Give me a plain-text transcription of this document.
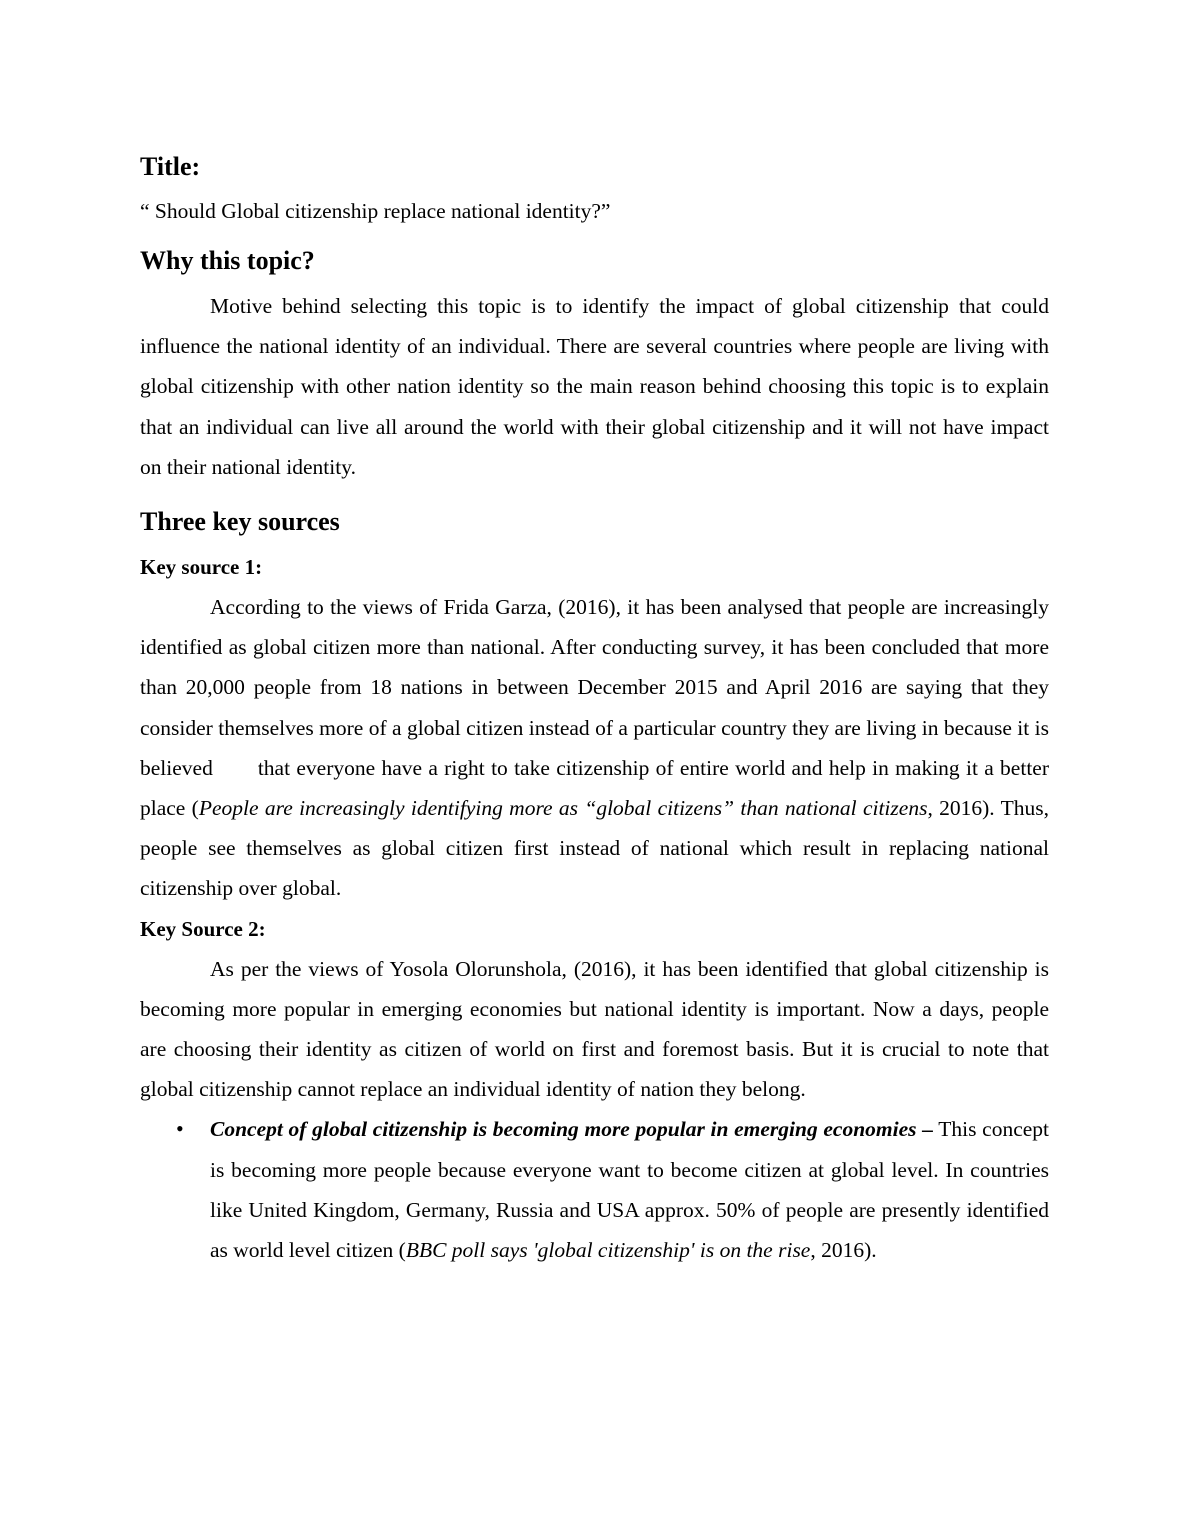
Title:
“ Should Global citizenship replace national identity?”
Why this topic?

Motive behind selecting this topic is to identify the impact of global citizenship that could influence the national identity of an individual. There are several countries where people are living with global citizenship with other nation identity so the main reason behind choosing this topic is to explain that an individual can live all around the world with their global citizenship and it will not have impact on their national identity.

Three key sources
Key source 1:

According to the views of Frida Garza, (2016), it has been analysed that people are increasingly identified as global citizen more than national. After conducting survey, it has been concluded that more than 20,000 people from 18 nations in between December 2015 and April 2016 are saying that they consider themselves more of a global citizen instead of a particular country they are living in because it is believed that everyone have a right to take citizenship of entire world and help in making it a better place (People are increasingly identifying more as “global citizens” than national citizens, 2016). Thus, people see themselves as global citizen first instead of national which result in replacing national citizenship over global.

Key Source 2:

As per the views of Yosola Olorunshola, (2016), it has been identified that global citizenship is becoming more popular in emerging economies but national identity is important. Now a days, people are choosing their identity as citizen of world on first and foremost basis. But it is crucial to note that global citizenship cannot replace an individual identity of nation they belong.

• Concept of global citizenship is becoming more popular in emerging economies – This concept is becoming more people because everyone want to become citizen at global level. In countries like United Kingdom, Germany, Russia and USA approx. 50% of people are presently identified as world level citizen (BBC poll says 'global citizenship' is on the rise, 2016).
